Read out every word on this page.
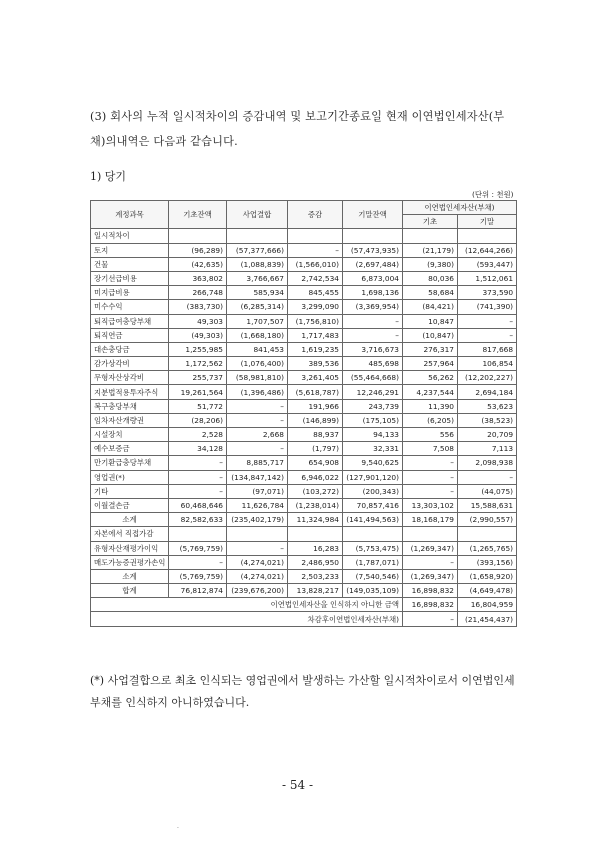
(3) 회사의 누적 일시적차이의 증감내역 및 보고기간종료일 현재 이연법인세자산(부채)의내역은 다음과 같습니다.
1) 당기
(단위 : 천원)						
계정과목	기초잔액	사업결합	증감	기말잔액	이연법인세자산(부채)	
					기초	기말
일시적차이						
토지	(96,289)	(57,377,666)	–	(57,473,935)	(21,179)	(12,644,266)
건물	(42,635)	(1,088,839)	(1,566,010)	(2,697,484)	(9,380)	(593,447)
장기선급비용	363,802	3,766,667	2,742,534	6,873,004	80,036	1,512,061
미지급비용	266,748	585,934	845,455	1,698,136	58,684	373,590
미수수익	(383,730)	(6,285,314)	3,299,090	(3,369,954)	(84,421)	(741,390)
퇴직급여충당부채	49,303	1,707,507	(1,756,810)	–	10,847	–
퇴직연금	(49,303)	(1,668,180)	1,717,483	–	(10,847)	–
대손충당금	1,255,985	841,453	1,619,235	3,716,673	276,317	817,668
감가상각비	1,172,562	(1,076,400)	389,536	485,698	257,964	106,854
무형자산상각비	255,737	(58,981,810)	3,261,405	(55,464,668)	56,262	(12,202,227)
지분법적용투자주식	19,261,564	(1,396,486)	(5,618,787)	12,246,291	4,237,544	2,694,184
복구충당부채	51,772	–	191,966	243,739	11,390	53,623
임차자산개량권	(28,206)	–	(146,899)	(175,105)	(6,205)	(38,523)
시설장치	2,528	2,668	88,937	94,133	556	20,709
예수보증금	34,128	–	(1,797)	32,331	7,508	7,113
만기환급충당부채	–	8,885,717	654,908	9,540,625	–	2,098,938
영업권(*)	–	(134,847,142)	6,946,022	(127,901,120)	–	–
기타	–	(97,071)	(103,272)	(200,343)	–	(44,075)
이월결손금	60,468,646	11,626,784	(1,238,014)	70,857,416	13,303,102	15,588,631
소계	82,582,633	(235,402,179)	11,324,984	(141,494,563)	18,168,179	(2,990,557)
자본에서 직접가감						
유형자산재평가이익	(5,769,759)	–	16,283	(5,753,475)	(1,269,347)	(1,265,765)
매도가능증권평가손익	–	(4,274,021)	2,486,950	(1,787,071)	–	(393,156)
소계	(5,769,759)	(4,274,021)	2,503,233	(7,540,546)	(1,269,347)	(1,658,920)
합계	76,812,874	(239,676,200)	13,828,217	(149,035,109)	16,898,832	(4,649,478)
이연법인세자산을 인식하지 아니한 금액					16,898,832	16,804,959
차감후이연법인세자산(부채)					–	(21,454,437)
(*) 사업결합으로 최초 인식되는 영업권에서 발생하는 가산할 일시적차이로서 이연법인세부채를 인식하지 아니하였습니다.
- 54 -
.
